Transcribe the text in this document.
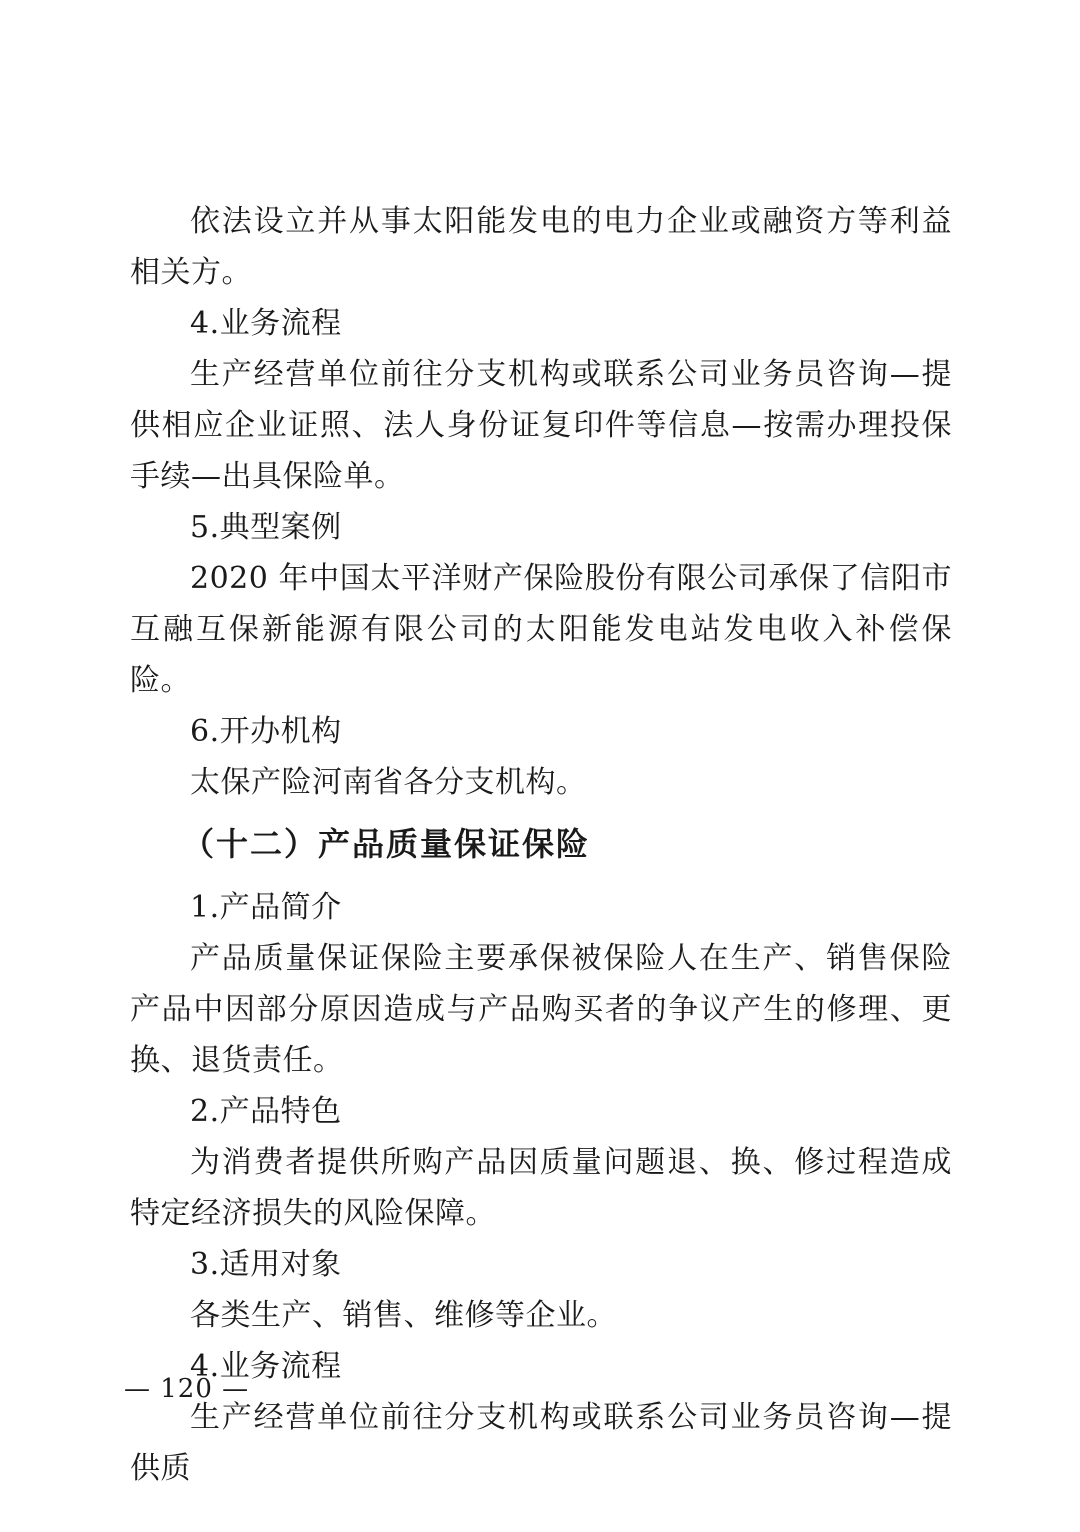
依法设立并从事太阳能发电的电力企业或融资方等利益相关方。

4.业务流程

生产经营单位前往分支机构或联系公司业务员咨询—提供相应企业证照、法人身份证复印件等信息—按需办理投保手续—出具保险单。

5.典型案例

2020 年中国太平洋财产保险股份有限公司承保了信阳市互融互保新能源有限公司的太阳能发电站发电收入补偿保险。

6.开办机构

太保产险河南省各分支机构。

（十二）产品质量保证保险

1.产品简介

产品质量保证保险主要承保被保险人在生产、销售保险产品中因部分原因造成与产品购买者的争议产生的修理、更换、退货责任。

2.产品特色

为消费者提供所购产品因质量问题退、换、修过程造成特定经济损失的风险保障。

3.适用对象

各类生产、销售、维修等企业。

4.业务流程

生产经营单位前往分支机构或联系公司业务员咨询—提供质

— 120 —
